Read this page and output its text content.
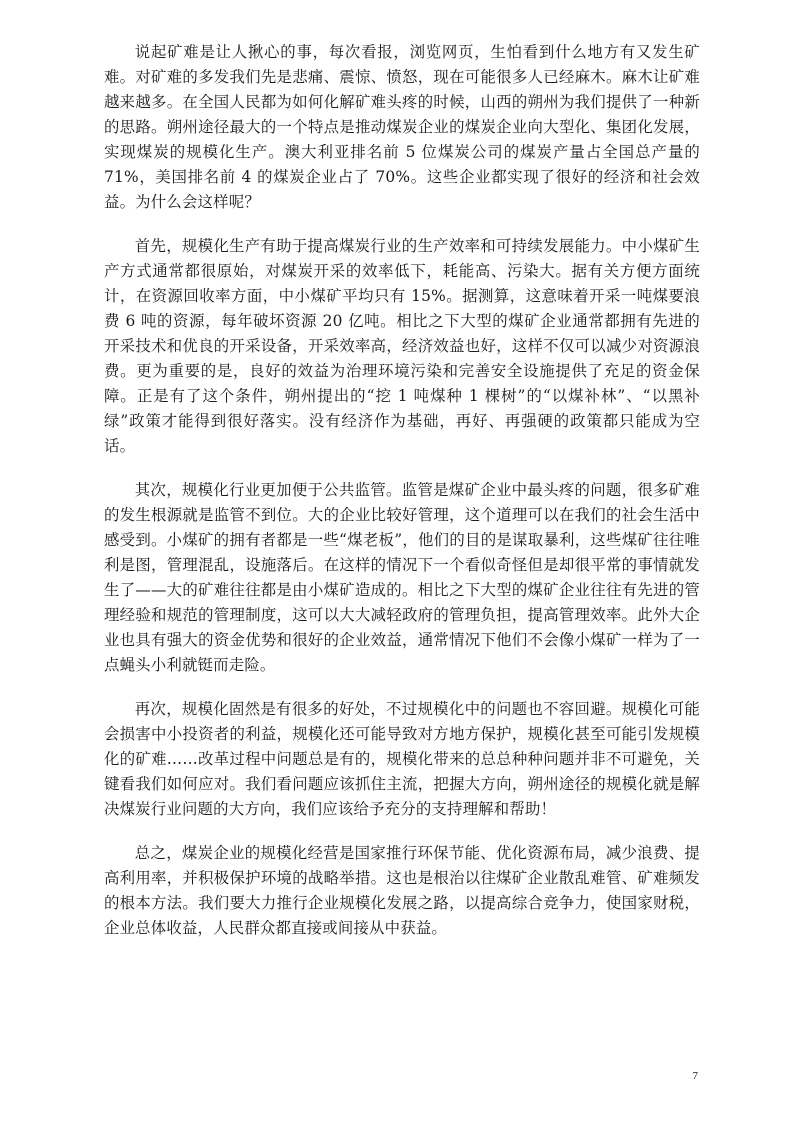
说起矿难是让人揪心的事，每次看报，浏览网页，生怕看到什么地方有又发生矿难。对矿难的多发我们先是悲痛、震惊、愤怒，现在可能很多人已经麻木。麻木让矿难越来越多。在全国人民都为如何化解矿难头疼的时候，山西的朔州为我们提供了一种新的思路。朔州途径最大的一个特点是推动煤炭企业的煤炭企业向大型化、集团化发展，实现煤炭的规模化生产。澳大利亚排名前 5 位煤炭公司的煤炭产量占全国总产量的 71%，美国排名前 4 的煤炭企业占了 70%。这些企业都实现了很好的经济和社会效益。为什么会这样呢？

首先，规模化生产有助于提高煤炭行业的生产效率和可持续发展能力。中小煤矿生产方式通常都很原始，对煤炭开采的效率低下，耗能高、污染大。据有关方便方面统计，在资源回收率方面，中小煤矿平均只有 15%。据测算，这意味着开采一吨煤要浪费 6 吨的资源，每年破坏资源 20 亿吨。相比之下大型的煤矿企业通常都拥有先进的开采技术和优良的开采设备，开采效率高，经济效益也好，这样不仅可以减少对资源浪费。更为重要的是，良好的效益为治理环境污染和完善安全设施提供了充足的资金保障。正是有了这个条件，朔州提出的“挖 1 吨煤种 1 棵树”的“以煤补林”、“以黑补绿”政策才能得到很好落实。没有经济作为基础，再好、再强硬的政策都只能成为空话。

其次，规模化行业更加便于公共监管。监管是煤矿企业中最头疼的问题，很多矿难的发生根源就是监管不到位。大的企业比较好管理，这个道理可以在我们的社会生活中感受到。小煤矿的拥有者都是一些“煤老板”，他们的目的是谋取暴利，这些煤矿往往唯利是图，管理混乱，设施落后。在这样的情况下一个看似奇怪但是却很平常的事情就发生了——大的矿难往往都是由小煤矿造成的。相比之下大型的煤矿企业往往有先进的管理经验和规范的管理制度，这可以大大减轻政府的管理负担，提高管理效率。此外大企业也具有强大的资金优势和很好的企业效益，通常情况下他们不会像小煤矿一样为了一点蝇头小利就铤而走险。

再次，规模化固然是有很多的好处，不过规模化中的问题也不容回避。规模化可能会损害中小投资者的利益，规模化还可能导致对方地方保护，规模化甚至可能引发规模化的矿难……改革过程中问题总是有的，规模化带来的总总种种问题并非不可避免，关键看我们如何应对。我们看问题应该抓住主流，把握大方向，朔州途径的规模化就是解决煤炭行业问题的大方向，我们应该给予充分的支持理解和帮助！

总之，煤炭企业的规模化经营是国家推行环保节能、优化资源布局，减少浪费、提高利用率，并积极保护环境的战略举措。这也是根治以往煤矿企业散乱难管、矿难频发的根本方法。我们要大力推行企业规模化发展之路，以提高综合竞争力，使国家财税，企业总体收益，人民群众都直接或间接从中获益。

7
